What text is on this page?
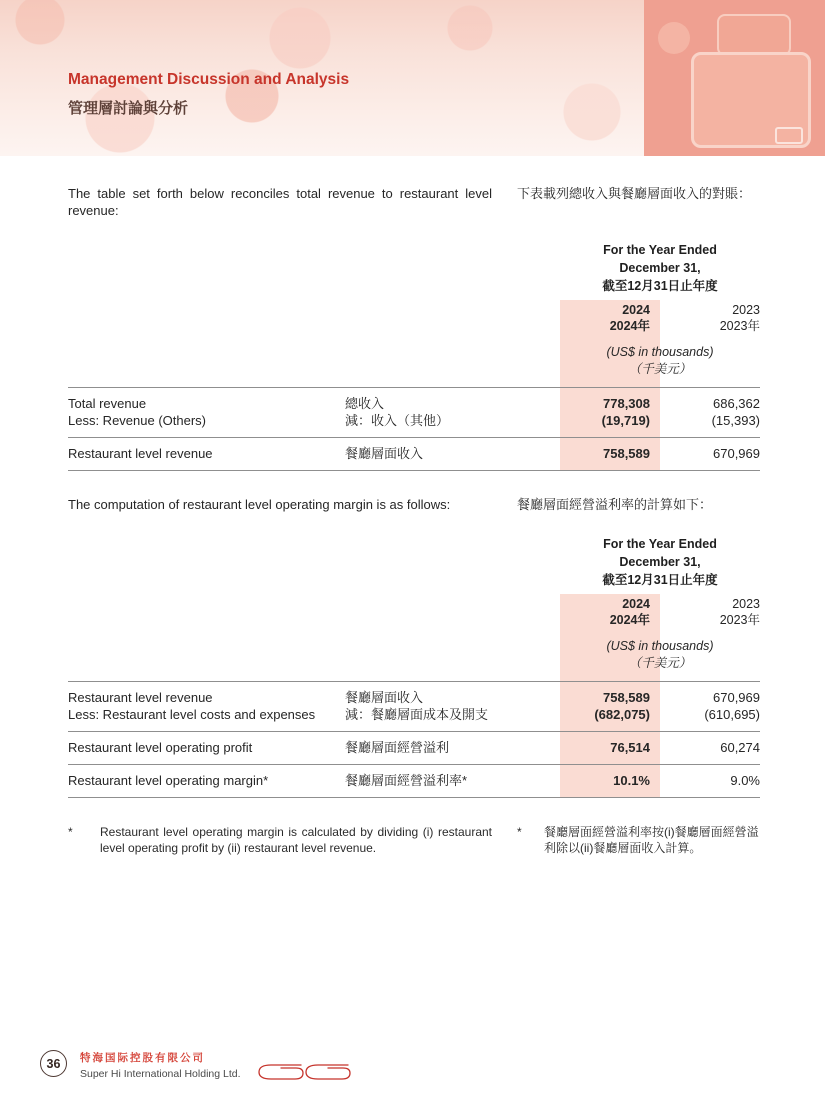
Management Discussion and Analysis
管理層討論與分析

The table set forth below reconciles total revenue to restaurant level revenue:

下表載列總收入與餐廳層面收入的對賬：

For the Year Ended
December 31,
截至12月31日止年度
2024
2024年
2023
2023年
(US$ in thousands)
（千美元）
Total revenue	總收入	778,308	686,362
Less: Revenue (Others)	減：收入（其他）	(19,719)	(15,393)
Restaurant level revenue	餐廳層面收入	758,589	670,969

The computation of restaurant level operating margin is as follows:	餐廳層面經營溢利率的計算如下：

For the Year Ended
December 31,
截至12月31日止年度
2024
2024年
2023
2023年
(US$ in thousands)
（千美元）
Restaurant level revenue	餐廳層面收入	758,589	670,969
Less: Restaurant level costs and expenses	減：餐廳層面成本及開支	(682,075)	(610,695)
Restaurant level operating profit	餐廳層面經營溢利	76,514	60,274
Restaurant level operating margin*	餐廳層面經營溢利率*	10.1%	9.0%
*	Restaurant level operating margin is calculated by dividing (i) restaurant level operating profit by (ii) restaurant level revenue.
*	餐廳層面經營溢利率按(i)餐廳層面經營溢利除以(ii)餐廳層面收入計算。
36	特海国际控股有限公司
Super Hi International Holding Ltd.
